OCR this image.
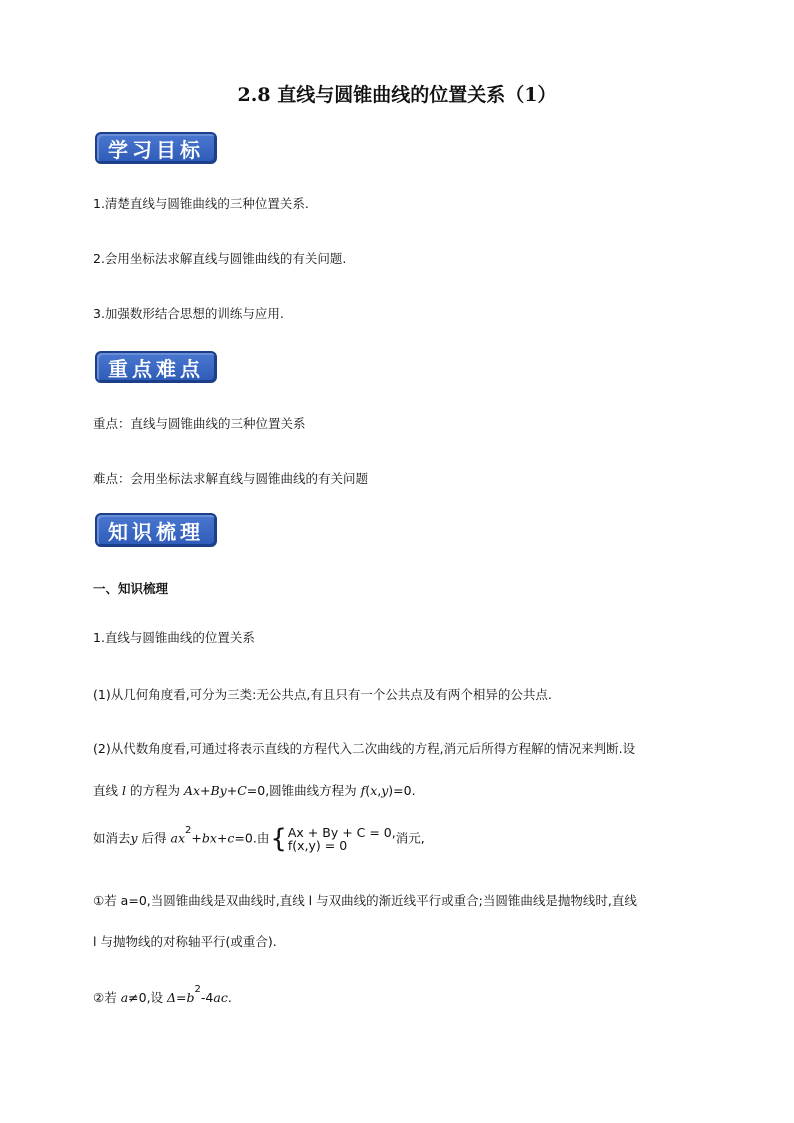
2.8 直线与圆锥曲线的位置关系（1）
学习目标
1.清楚直线与圆锥曲线的三种位置关系.
2.会用坐标法求解直线与圆锥曲线的有关问题.
3.加强数形结合思想的训练与应用.
重点难点
重点：直线与圆锥曲线的三种位置关系
难点：会用坐标法求解直线与圆锥曲线的有关问题
知识梳理
一、知识梳理
1.直线与圆锥曲线的位置关系
(1)从几何角度看,可分为三类:无公共点,有且只有一个公共点及有两个相异的公共点.
(2)从代数角度看,可通过将表示直线的方程代入二次曲线的方程,消元后所得方程解的情况来判断.设
直线 l 的方程为 Ax+By+C=0,圆锥曲线方程为 f(x,y)=0.
如消去y 后得 $ax^2+bx+c=0$.由{Ax + By + C = 0,
f(x,y) = 0	消元,
①若 a=0,当圆锥曲线是双曲线时,直线 l 与双曲线的渐近线平行或重合;当圆锥曲线是抛物线时,直线
l 与抛物线的对称轴平行(或重合).
②若 a≠0,设 $\Delta=b^2-4ac$.
